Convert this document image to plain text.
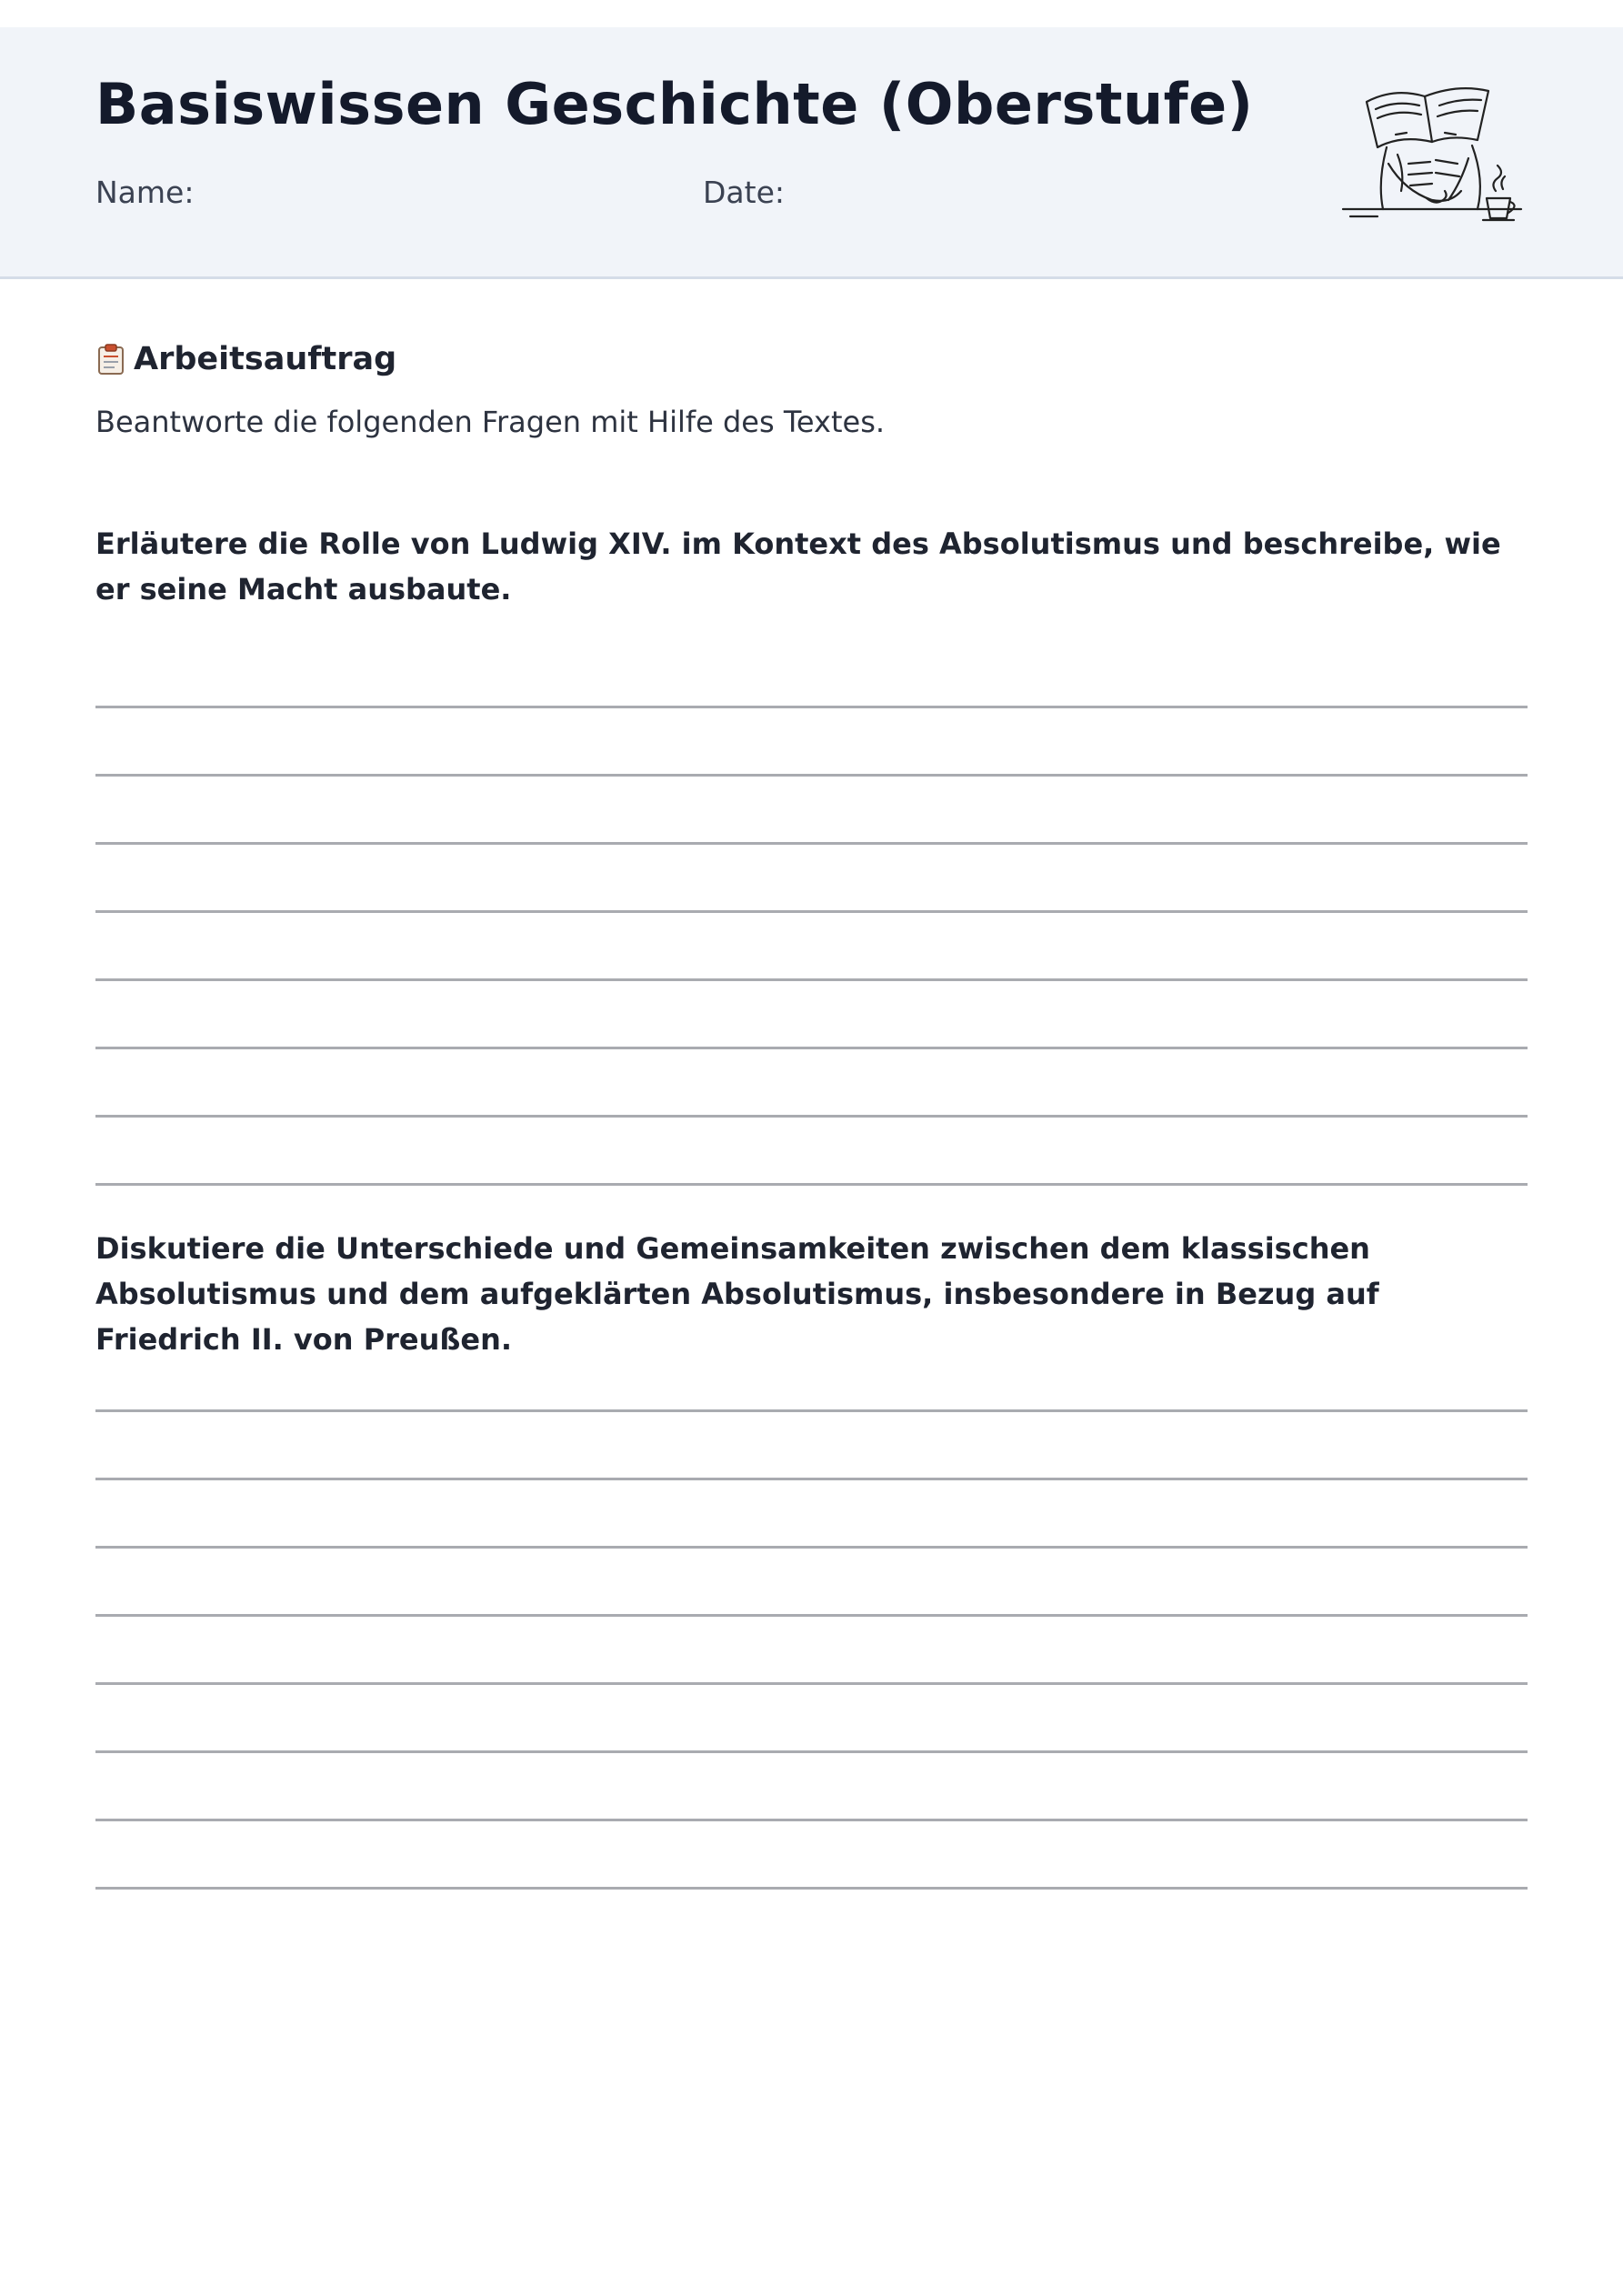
Basiswissen Geschichte (Oberstufe)
Name:	Date:
Arbeitsauftrag
Beantworte die folgenden Fragen mit Hilfe des Textes.

Erläutere die Rolle von Ludwig XIV. im Kontext des Absolutismus und beschreibe, wie er seine Macht ausbaute.

Diskutiere die Unterschiede und Gemeinsamkeiten zwischen dem klassischen Absolutismus und dem aufgeklärten Absolutismus, insbesondere in Bezug auf Friedrich II. von Preußen.
